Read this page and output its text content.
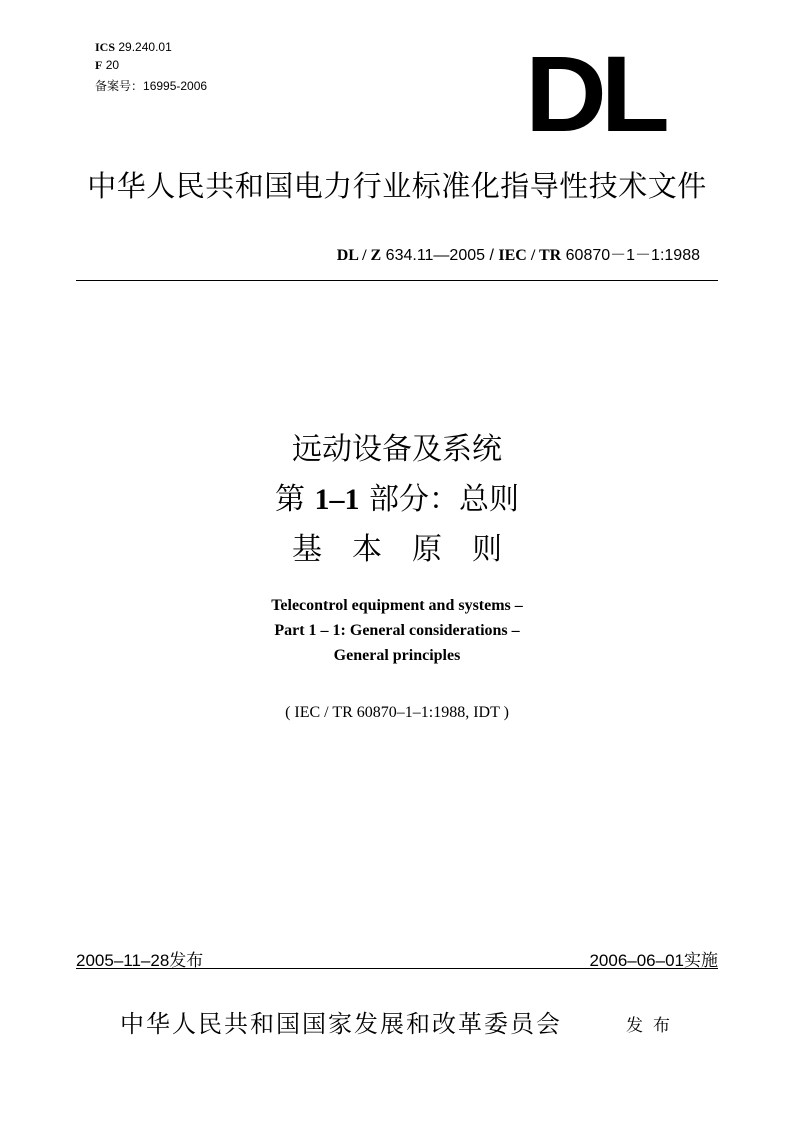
ICS 29.240.01
F 20
备案号：16995-2006	DL
中华人民共和国电力行业标准化指导性技术文件
DL / Z 634.11—2005 / IEC / TR 60870－1－1:1988
远动设备及系统
第 1–1 部分：总则
基　本　原　则
Telecontrol equipment and systems –
Part 1 – 1: General considerations –
General principles
( IEC / TR 60870–1–1:1988, IDT )
2005–11–28发布	2006–06–01实施
中华人民共和国国家发展和改革委员会	发布
